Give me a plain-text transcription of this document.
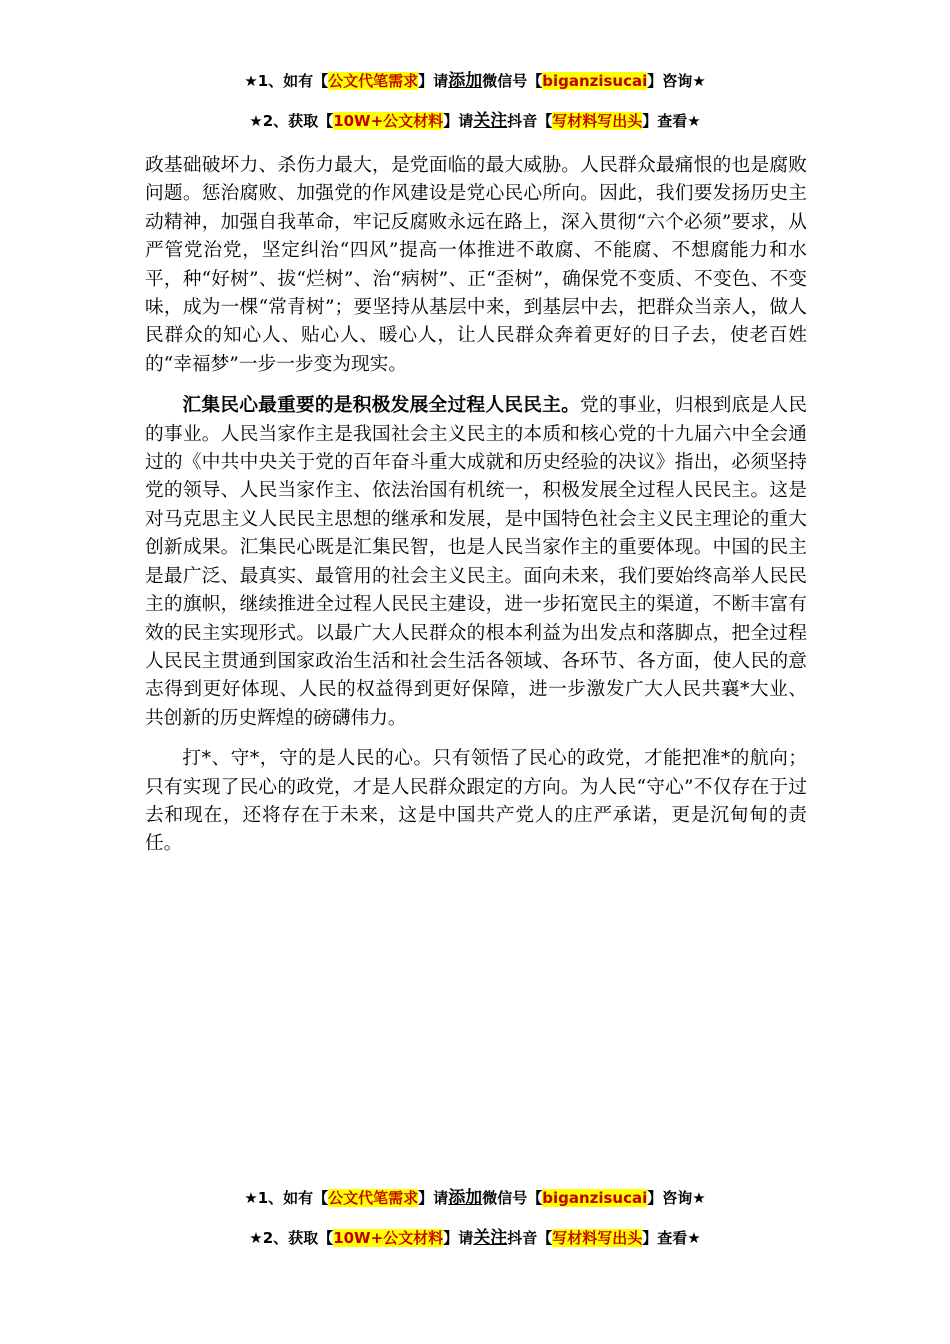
★1、如有【公文代笔需求】请添加微信号【biganzisucai】咨询★
★2、获取【10W+公文材料】请关注抖音【写材料写出头】查看★

政基础破坏力、杀伤力最大，是党面临的最大威胁。人民群众最痛恨的也是腐败问题。惩治腐败、加强党的作风建设是党心民心所向。因此，我们要发扬历史主动精神，加强自我革命，牢记反腐败永远在路上，深入贯彻“六个必须”要求，从严管党治党，坚定纠治“四风”提高一体推进不敢腐、不能腐、不想腐能力和水平，种“好树”、拔“烂树”、治“病树”、正“歪树”，确保党不变质、不变色、不变味，成为一棵“常青树”；要坚持从基层中来，到基层中去，把群众当亲人，做人民群众的知心人、贴心人、暖心人，让人民群众奔着更好的日子去，使老百姓的“幸福梦”一步一步变为现实。

汇集民心最重要的是积极发展全过程人民民主。党的事业，归根到底是人民的事业。人民当家作主是我国社会主义民主的本质和核心党的十九届六中全会通过的《中共中央关于党的百年奋斗重大成就和历史经验的决议》指出，必须坚持党的领导、人民当家作主、依法治国有机统一，积极发展全过程人民民主。这是对马克思主义人民民主思想的继承和发展，是中国特色社会主义民主理论的重大创新成果。汇集民心既是汇集民智，也是人民当家作主的重要体现。中国的民主是最广泛、最真实、最管用的社会主义民主。面向未来，我们要始终高举人民民主的旗帜，继续推进全过程人民民主建设，进一步拓宽民主的渠道，不断丰富有效的民主实现形式。以最广大人民群众的根本利益为出发点和落脚点，把全过程人民民主贯通到国家政治生活和社会生活各领域、各环节、各方面，使人民的意志得到更好体现、人民的权益得到更好保障，进一步激发广大人民共襄*大业、共创新的历史辉煌的磅礴伟力。

打*、守*，守的是人民的心。只有领悟了民心的政党，才能把准*的航向；只有实现了民心的政党，才是人民群众跟定的方向。为人民“守心”不仅存在于过去和现在，还将存在于未来，这是中国共产党人的庄严承诺，更是沉甸甸的责任。

★1、如有【公文代笔需求】请添加微信号【biganzisucai】咨询★
★2、获取【10W+公文材料】请关注抖音【写材料写出头】查看★
